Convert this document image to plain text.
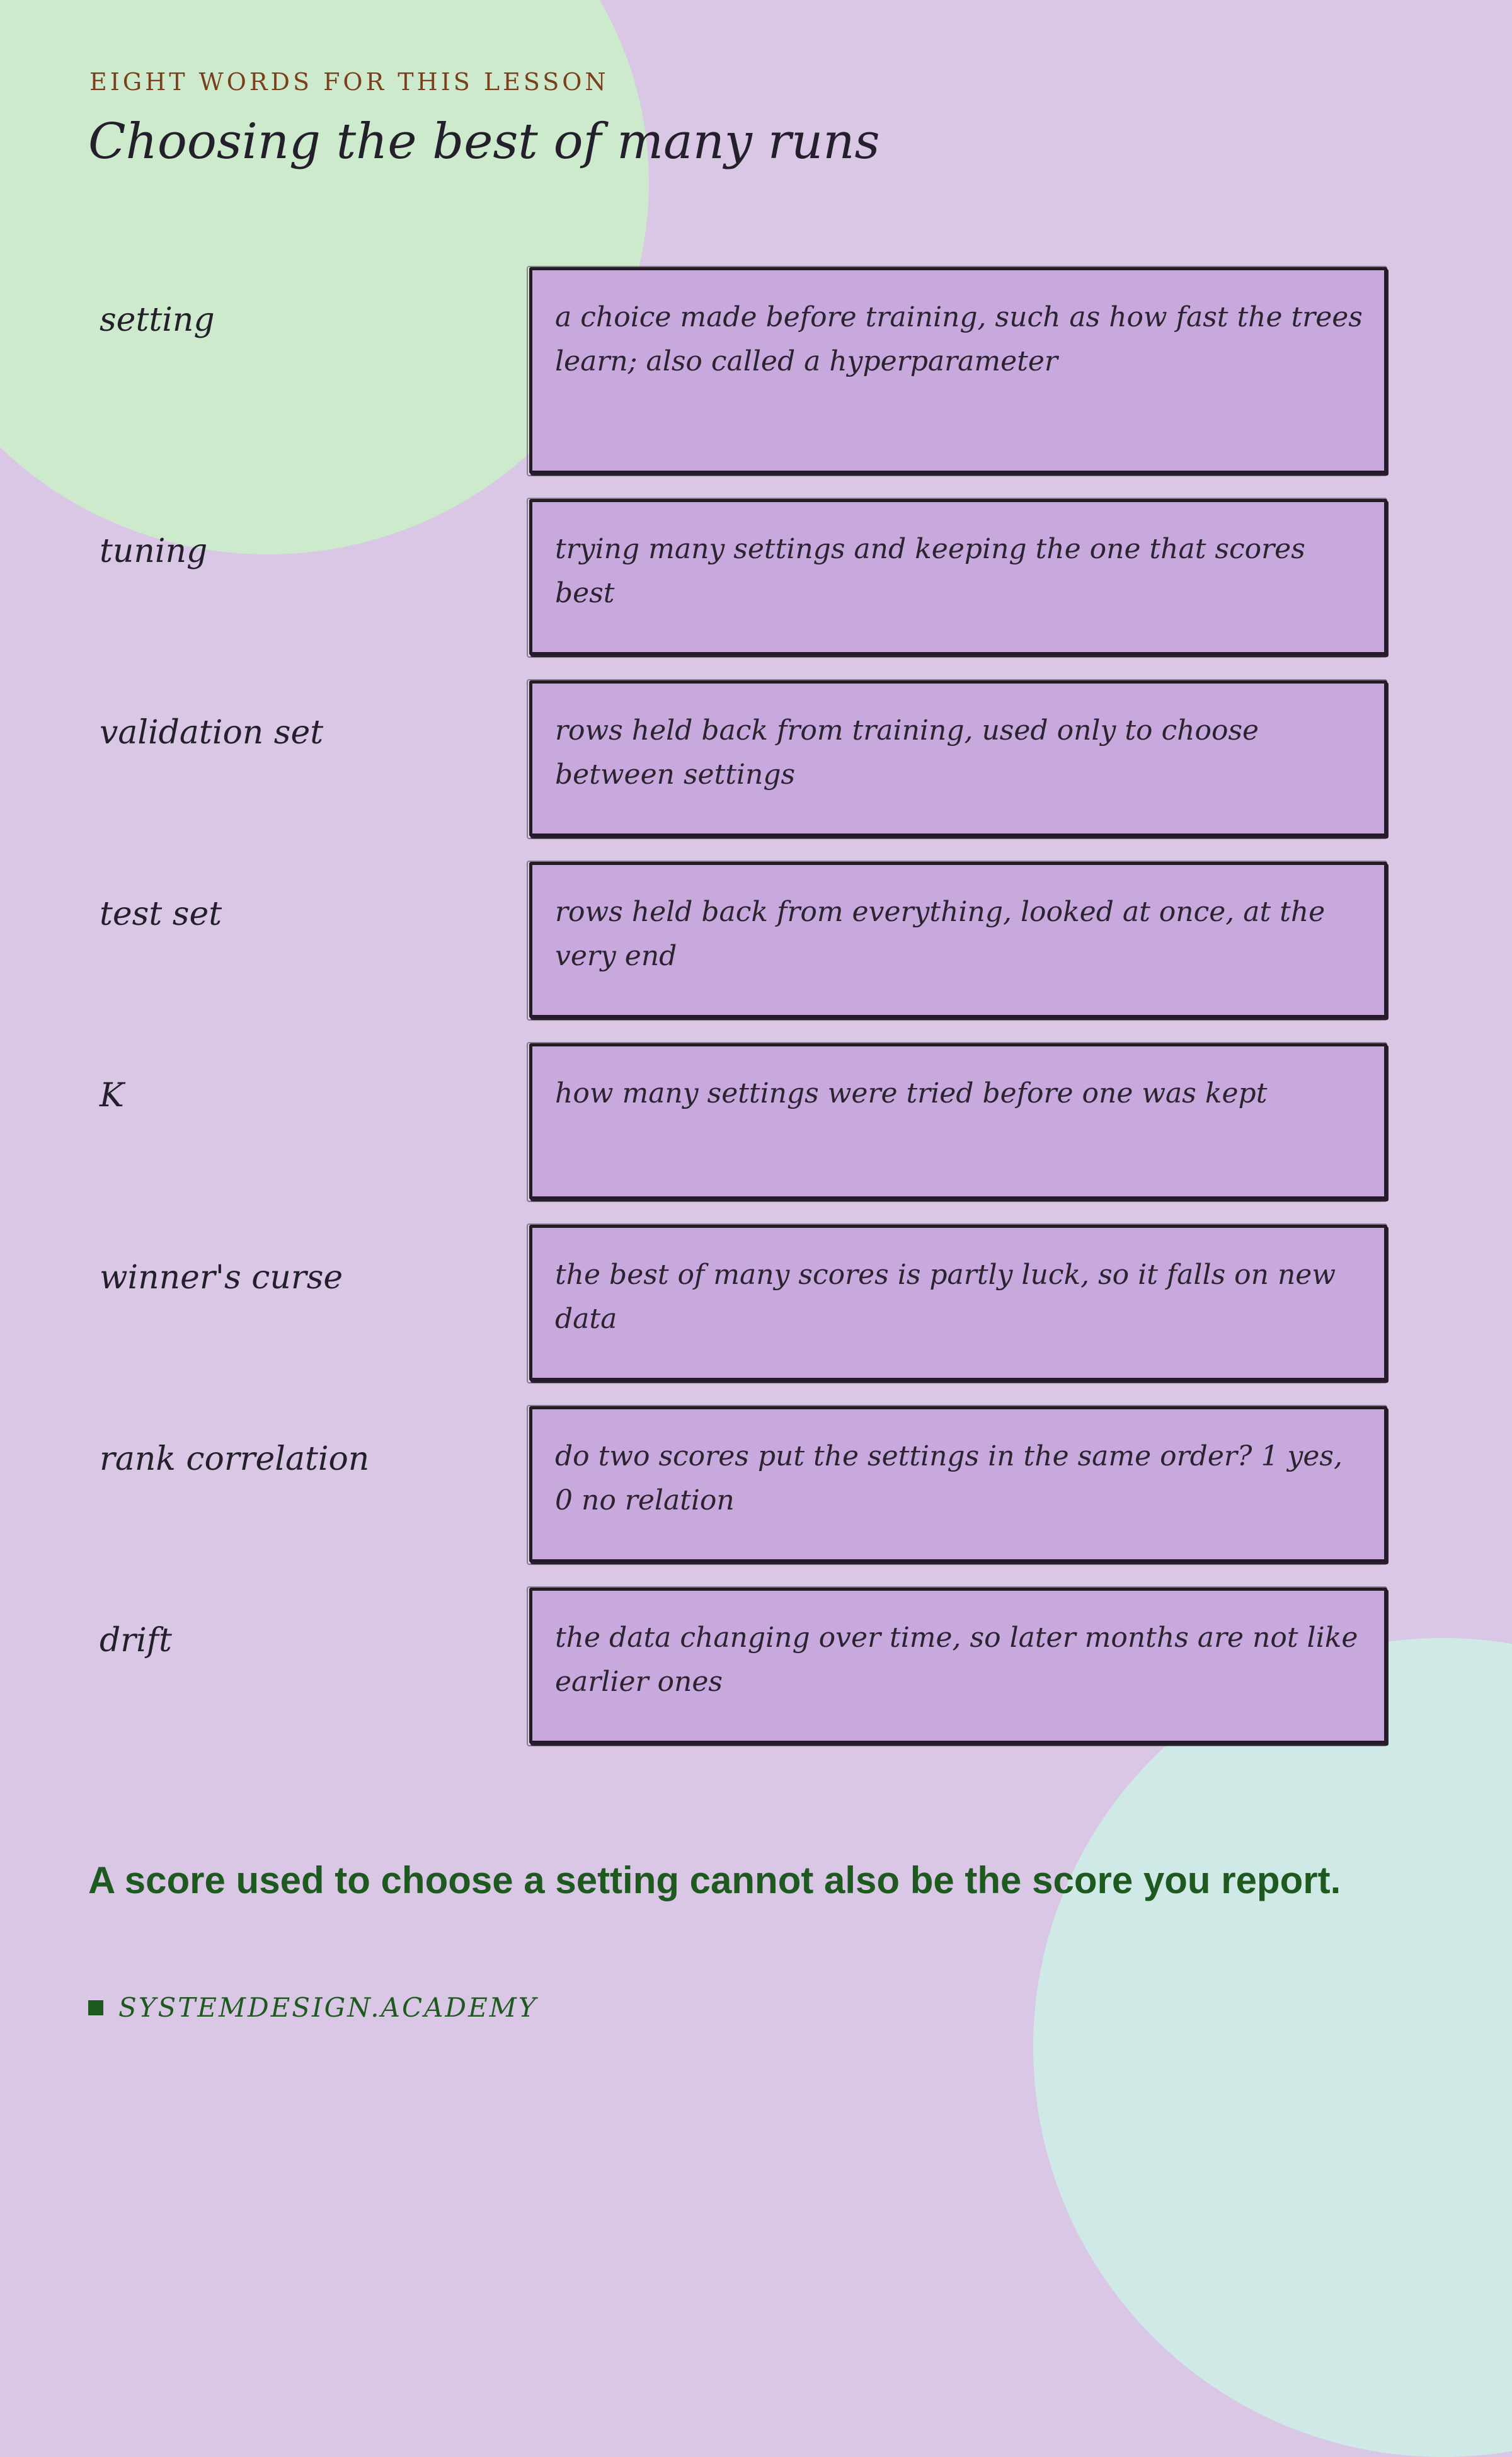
EIGHT WORDS FOR THIS LESSON

Choosing the best of many runs

setting	a choice made before training, such as how fast the trees learn; also called a hyperparameter

tuning	trying many settings and keeping the one that scores best

validation set	rows held back from training, used only to choose between settings

test set	rows held back from everything, looked at once, at the very end

K	how many settings were tried before one was kept

winner's curse	the best of many scores is partly luck, so it falls on new data

rank correlation	do two scores put the settings in the same order? 1 yes, 0 no relation

drift	the data changing over time, so later months are not like earlier ones

A score used to choose a setting cannot also be the score you report.

SYSTEMDESIGN.ACADEMY
